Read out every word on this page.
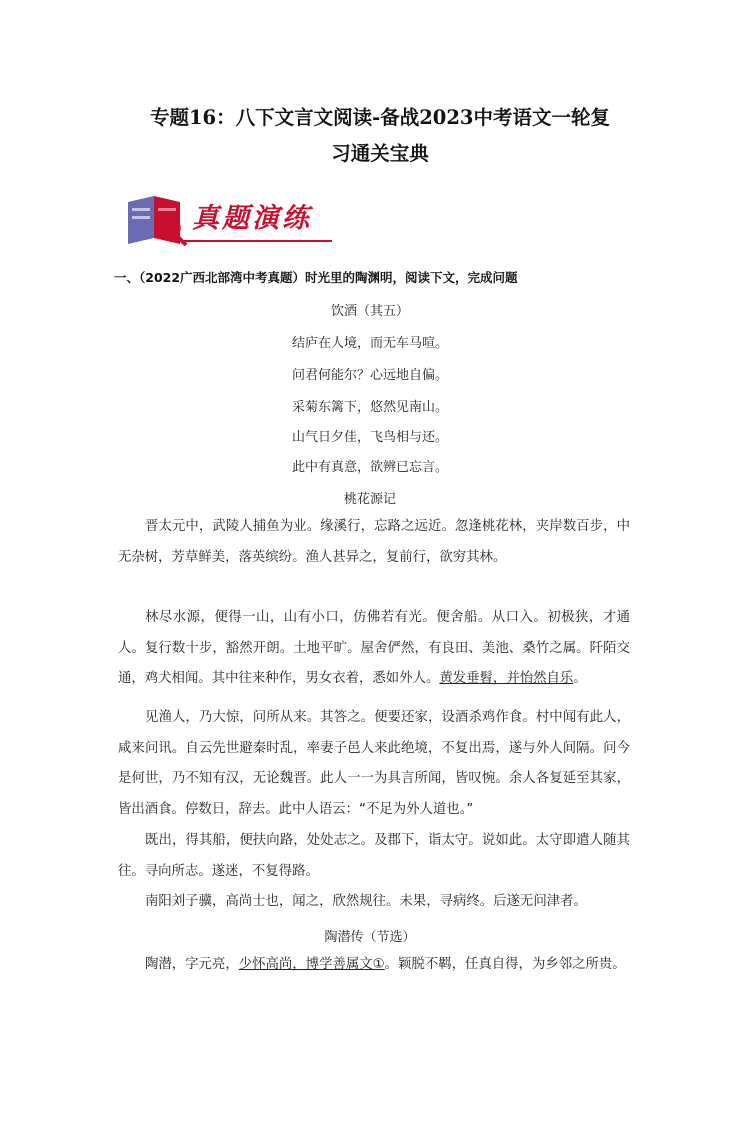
专题16：八下文言文阅读-备战2023中考语文一轮复
习通关宝典
真题演练
一、（2022广西北部湾中考真题）时光里的陶渊明，阅读下文，完成问题
饮酒（其五）
结庐在人境，而无车马喧。
问君何能尔？心远地自偏。
采菊东篱下，悠然见南山。
山气日夕佳，飞鸟相与还。
此中有真意，欲辨已忘言。
桃花源记

晋太元中，武陵人捕鱼为业。缘溪行，忘路之远近。忽逢桃花林，夹岸数百步，中无杂树，芳草鲜美，落英缤纷。渔人甚异之，复前行，欲穷其林。

林尽水源，便得一山，山有小口，仿佛若有光。便舍船。从口入。初极狭，才通人。复行数十步，豁然开朗。土地平旷。屋舍俨然，有良田、美池、桑竹之属。阡陌交通，鸡犬相闻。其中往来种作，男女衣着，悉如外人。黄发垂髫，并怡然自乐。

见渔人，乃大惊，问所从来。其答之。便要还家，设酒杀鸡作食。村中闻有此人，咸来问讯。自云先世避秦时乱，率妻子邑人来此绝境，不复出焉，遂与外人间隔。问今是何世，乃不知有汉，无论魏晋。此人一一为具言所闻，皆叹惋。余人各复延至其家，皆出酒食。停数日，辞去。此中人语云：“不足为外人道也。”

既出，得其船，便扶向路，处处志之。及郡下，诣太守。说如此。太守即遣人随其往。寻向所志。遂迷，不复得路。

南阳刘子骥，高尚士也，闻之，欣然规往。未果，寻病终。后遂无问津者。

陶潜传（节选）

陶潜，字元亮，少怀高尚，博学善属文①。颖脱不羁，任真自得，为乡邻之所贵。
